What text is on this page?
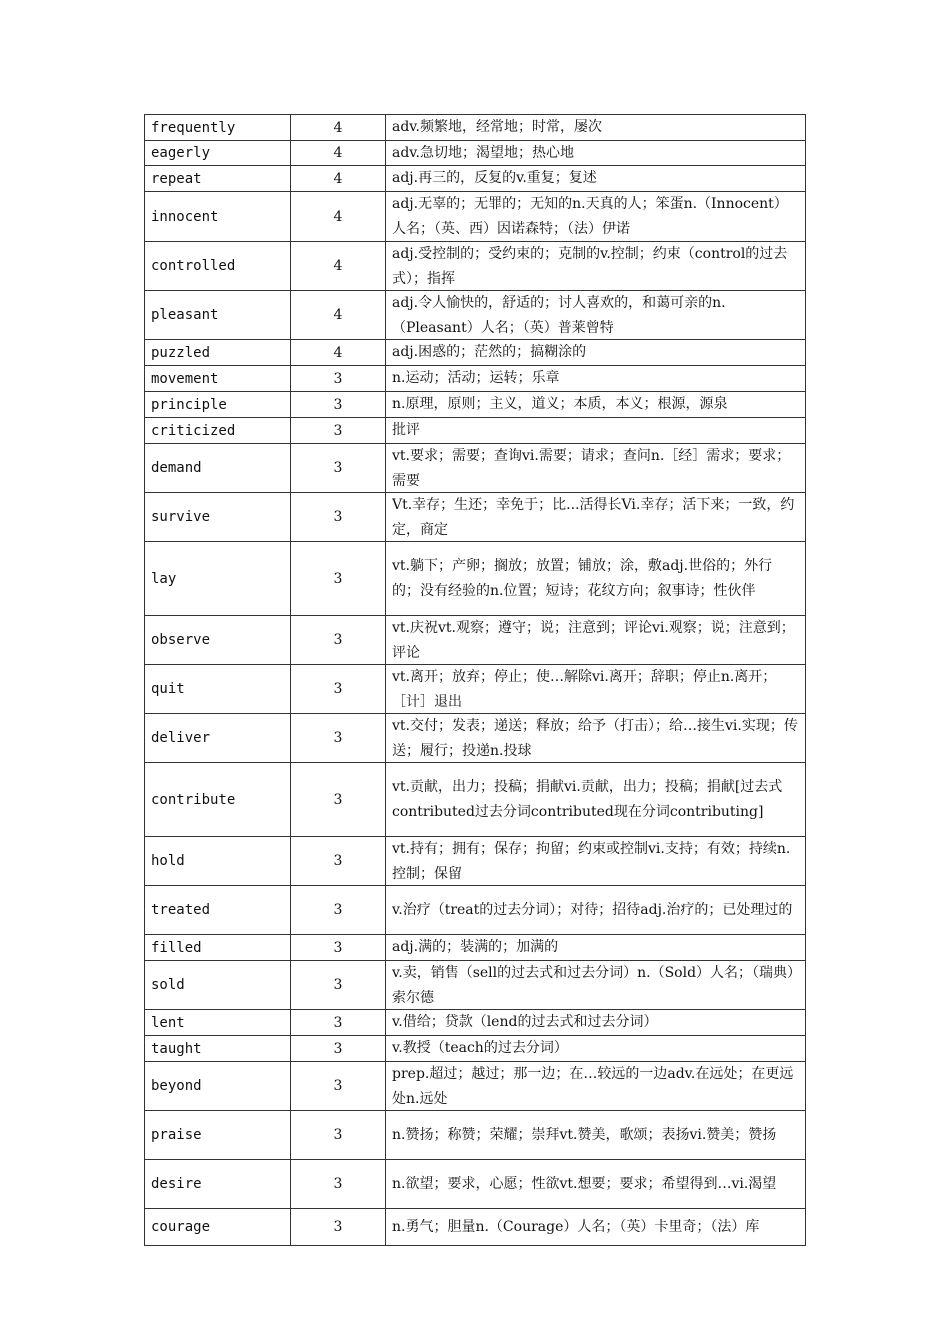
frequently	4	adv.频繁地，经常地；时常，屡次

eagerly	4	adv.急切地；渴望地；热心地

repeat	4	adj.再三的，反复的v.重复；复述

innocent	4	adj.无辜的；无罪的；无知的n.天真的人；笨蛋n.（Innocent）人名；（英、西）因诺森特；（法）伊诺

controlled	4	adj.受控制的；受约束的；克制的v.控制；约束（control的过去式）；指挥

pleasant	4	adj.令人愉快的，舒适的；讨人喜欢的，和蔼可亲的n.（Pleasant）人名；（英）普莱曾特

puzzled	4	adj.困惑的；茫然的；搞糊涂的

movement	3	n.运动；活动；运转；乐章

principle	3	n.原理，原则；主义，道义；本质，本义；根源，源泉

criticized	3	批评

demand	3	vt.要求；需要；查询vi.需要；请求；查问n.［经］需求；要求；需要

survive	3	Vt.幸存；生还；幸免于；比...活得长Vi.幸存；活下来；一致，约定，商定

lay	3	vt.躺下；产卵；搁放；放置；铺放；涂，敷adj.世俗的；外行的；没有经验的n.位置；短诗；花纹方向；叙事诗；性伙伴

observe	3	vt.庆祝vt.观察；遵守；说；注意到；评论vi.观察；说；注意到；评论

quit	3	vt.离开；放弃；停止；使…解除vi.离开；辞职；停止n.离开；［计］退出

deliver	3	vt.交付；发表；递送；释放；给予（打击）；给…接生vi.实现；传送；履行；投递n.投球

contribute	3	vt.贡献，出力；投稿；捐献vi.贡献，出力；投稿；捐献[过去式contributed过去分词contributed现在分词contributing]

hold	3	vt.持有；拥有；保存；拘留；约束或控制vi.支持；有效；持续n.控制；保留

treated	3	v.治疗（treat的过去分词）；对待；招待adj.治疗的；已处理过的

filled	3	adj.满的；装满的；加满的

sold	3	v.卖，销售（sell的过去式和过去分词）n.（Sold）人名；（瑞典）索尔德

lent	3	v.借给；贷款（lend的过去式和过去分词）

taught	3	v.教授（teach的过去分词）

beyond	3	prep.超过；越过；那一边；在…较远的一边adv.在远处；在更远处n.远处

praise	3	n.赞扬；称赞；荣耀；崇拜vt.赞美，歌颂；表扬vi.赞美；赞扬

desire	3	n.欲望；要求，心愿；性欲vt.想要；要求；希望得到…vi.渴望

courage	3	n.勇气；胆量n.（Courage）人名；（英）卡里奇；（法）库
